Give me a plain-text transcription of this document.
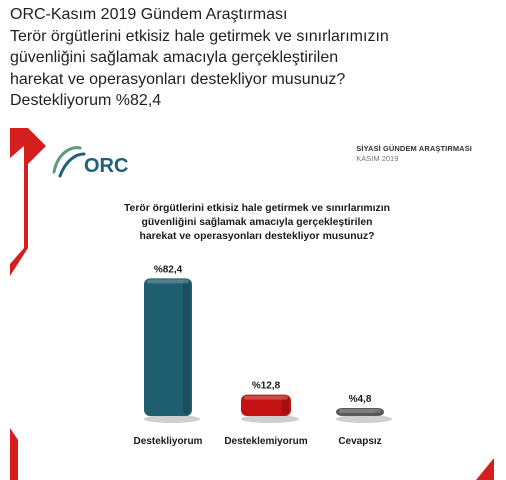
ORC-Kasım 2019 Gündem Araştırması
Terör örgütlerini etkisiz hale getirmek ve sınırlarımızın
güvenliğini sağlamak amacıyla gerçekleştirilen
harekat ve operasyonları destekliyor musunuz?
Destekliyorum %82,4
%82,4
Destekliyorum
%12,8
Desteklemiyorum
%4,8
Cevapsız
ORC
SİYASİ GÜNDEM ARAŞTIRMASI
KASIM 2019
Terör örgütlerini etkisiz hale getirmek ve sınırlarımızın
güvenliğini sağlamak amacıyla gerçekleştirilen
harekat ve operasyonları destekliyor musunuz?
